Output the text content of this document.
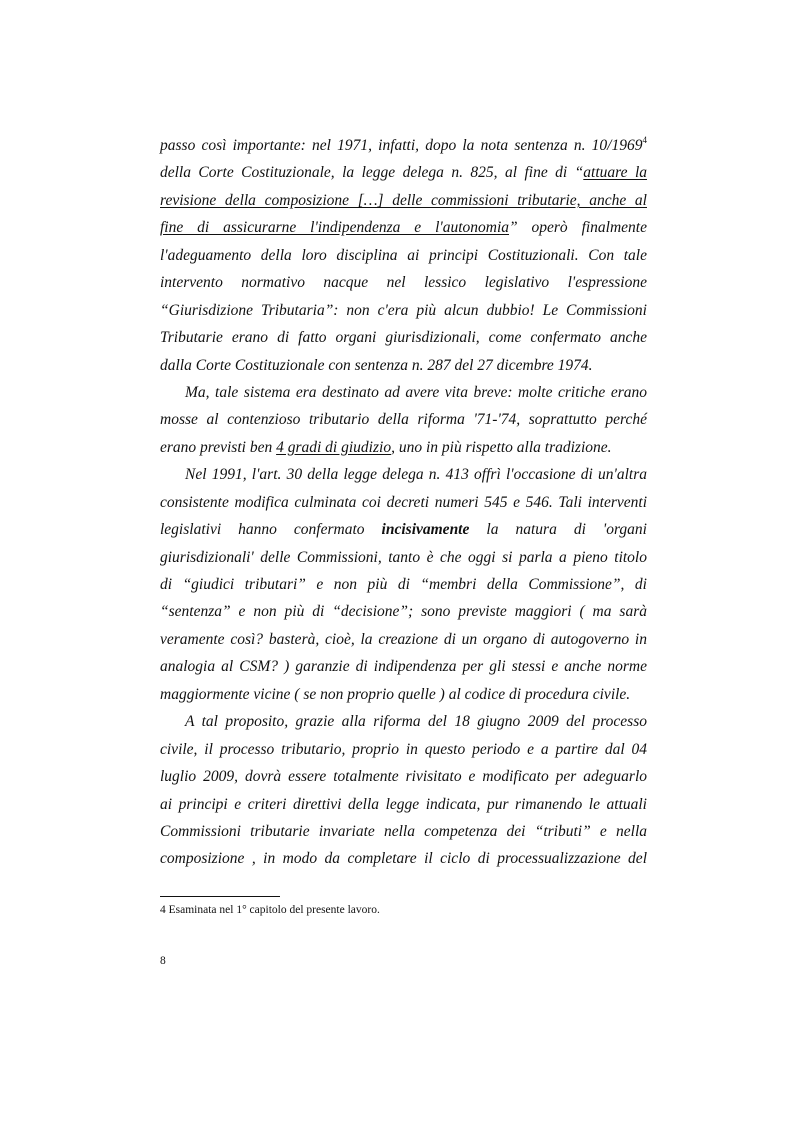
passo così importante: nel 1971, infatti, dopo la nota sentenza n. 10/1969$^4$
della Corte Costituzionale, la legge delega n. 825, al fine di “attuare la
revisione della composizione […] delle commissioni tributarie, anche al
fine di assicurarne l'indipendenza e l'autonomia” operò finalmente
l'adeguamento della loro disciplina ai principi Costituzionali. Con tale
intervento normativo nacque nel lessico legislativo l'espressione
“Giurisdizione Tributaria”: non c'era più alcun dubbio! Le Commissioni
Tributarie erano di fatto organi giurisdizionali, come confermato anche
dalla Corte Costituzionale con sentenza n. 287 del 27 dicembre 1974.
Ma, tale sistema era destinato ad avere vita breve: molte critiche erano
mosse al contenzioso tributario della riforma '71-'74, soprattutto perché
erano previsti ben 4 gradi di giudizio, uno in più rispetto alla tradizione.
Nel 1991, l'art. 30 della legge delega n. 413 offrì l'occasione di un'altra
consistente modifica culminata coi decreti numeri 545 e 546. Tali interventi
legislativi hanno confermato incisivamente la natura di 'organi
giurisdizionali' delle Commissioni, tanto è che oggi si parla a pieno titolo
di “giudici tributari” e non più di “membri della Commissione”, di
“sentenza” e non più di “decisione”; sono previste maggiori ( ma sarà
veramente così? basterà, cioè, la creazione di un organo di autogoverno in
analogia al CSM? ) garanzie di indipendenza per gli stessi e anche norme
maggiormente vicine ( se non proprio quelle ) al codice di procedura civile.
A tal proposito, grazie alla riforma del 18 giugno 2009 del processo
civile, il processo tributario, proprio in questo periodo e a partire dal 04
luglio 2009, dovrà essere totalmente rivisitato e modificato per adeguarlo
ai principi e criteri direttivi della legge indicata, pur rimanendo le attuali
Commissioni tributarie invariate nella competenza dei “tributi” e nella
composizione , in modo da completare il ciclo di processualizzazione del
4 Esaminata nel 1° capitolo del presente lavoro.
8
